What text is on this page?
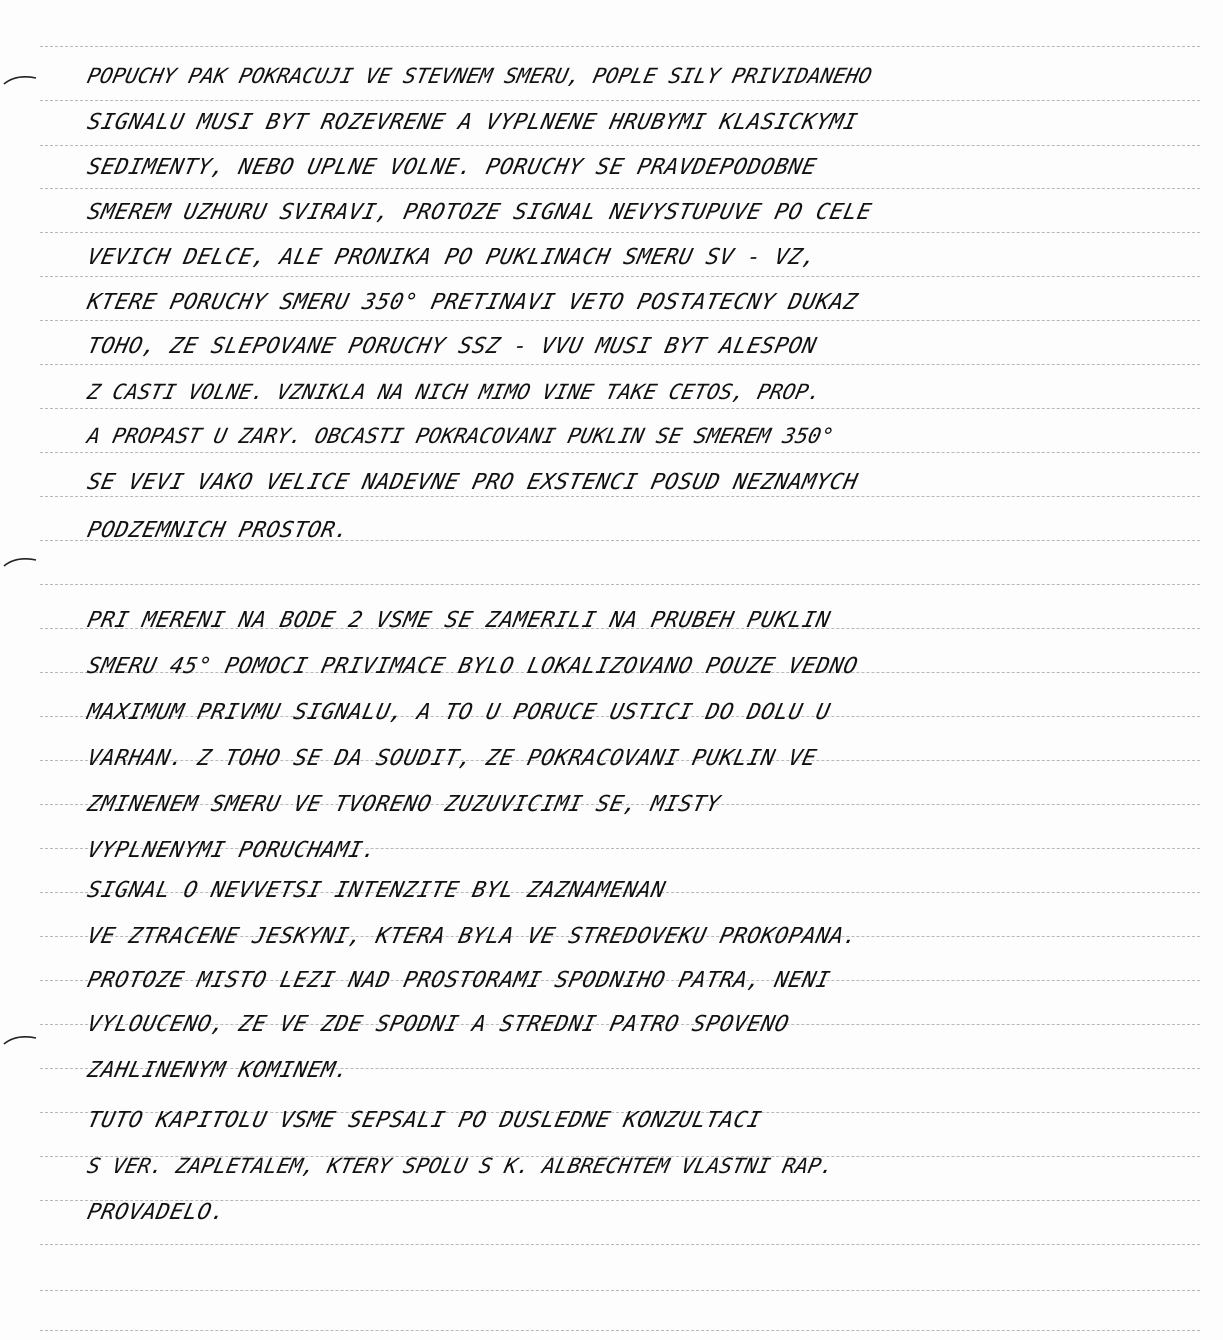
POPUCHY PAK POKRACUJI VE STEVNEM SMERU, POPLE SILY PRIVIDANEHO
SIGNALU MUSI BYT ROZEVRENE A VYPLNENE HRUBYMI KLASICKYMI
SEDIMENTY, NEBO UPLNE VOLNE. PORUCHY SE PRAVDEPODOBNE
SMEREM UZHURU SVIRAVI, PROTOZE SIGNAL NEVYSTUPUVE PO CELE
VEVICH DELCE, ALE PRONIKA PO PUKLINACH SMERU SV - VZ,
KTERE PORUCHY SMERU 350° PRETINAVI VETO POSTATECNY DUKAZ
TOHO, ZE SLEPOVANE PORUCHY SSZ - VVU MUSI BYT ALESPON
Z CASTI VOLNE. VZNIKLA NA NICH MIMO VINE TAKE CETOS, PROP.
A PROPAST U ZARY. OBCASTI POKRACOVANI PUKLIN SE SMEREM 350°
SE VEVI VAKO VELICE NADEVNE PRO EXSTENCI POSUD NEZNAMYCH
PODZEMNICH PROSTOR.
PRI MERENI NA BODE 2 VSME SE ZAMERILI NA PRUBEH PUKLIN
SMERU 45° POMOCI PRIVIMACE BYLO LOKALIZOVANO POUZE VEDNO
MAXIMUM PRIVMU SIGNALU, A TO U PORUCE USTICI DO DOLU U
VARHAN. Z TOHO SE DA SOUDIT, ZE POKRACOVANI PUKLIN VE
ZMINENEM SMERU VE TVORENO ZUZUVICIMI SE, MISTY
VYPLNENYMI PORUCHAMI.
SIGNAL O NEVVETSI INTENZITE BYL ZAZNAMENAN
VE ZTRACENE JESKYNI, KTERA BYLA VE STREDOVEKU PROKOPANA.
PROTOZE MISTO LEZI NAD PROSTORAMI SPODNIHO PATRA, NENI
VYLOUCENO, ZE VE ZDE SPODNI A STREDNI PATRO SPOVENO
ZAHLINENYM KOMINEM.
TUTO KAPITOLU VSME SEPSALI PO DUSLEDNE KONZULTACI
S VER. ZAPLETALEM, KTERY SPOLU S K. ALBRECHTEM VLASTNI RAP.
PROVADELO.
